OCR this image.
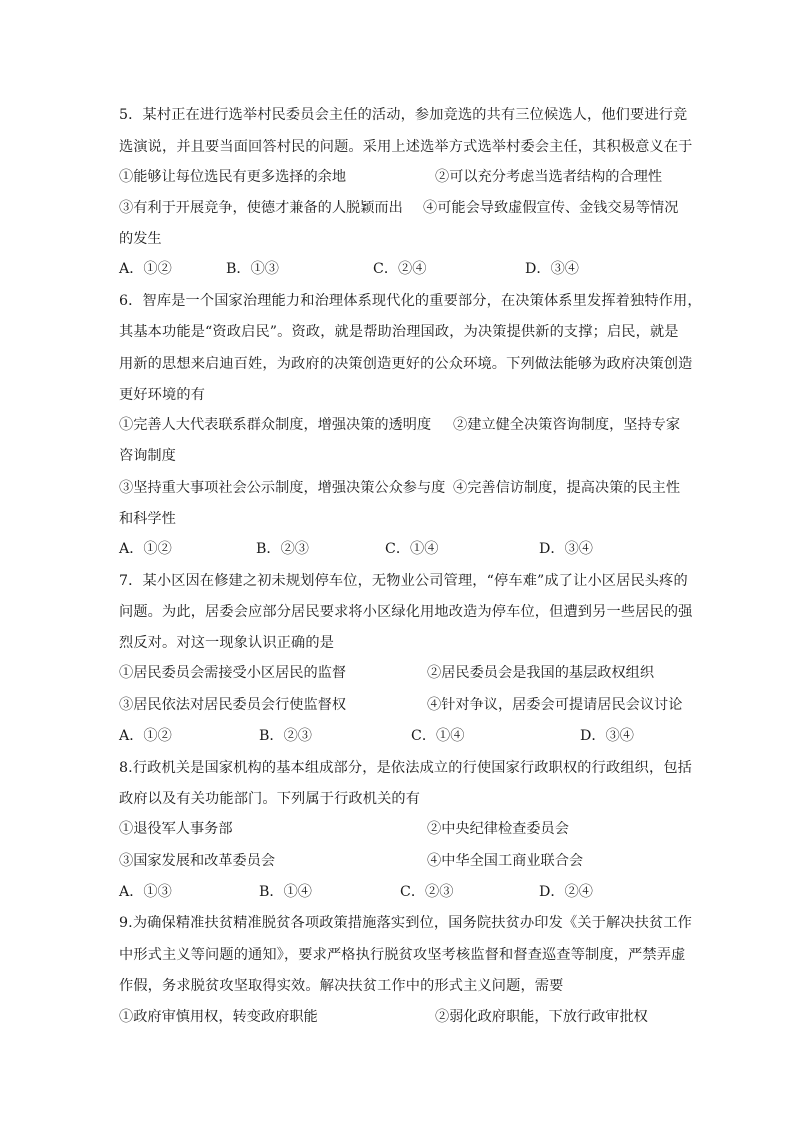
5．某村正在进行选举村民委员会主任的活动，参加竞选的共有三位候选人，他们要进行竞
选演说，并且要当面回答村民的问题。采用上述选举方式选举村委会主任，其积极意义在于
①能够让每位选民有更多选择的余地	②可以充分考虑当选者结构的合理性
③有利于开展竞争，使德才兼备的人脱颖而出 ④可能会导致虚假宣传、金钱交易等情况
的发生
A．①②	B．①③	C．②④	D．③④
6．智库是一个国家治理能力和治理体系现代化的重要部分，在决策体系里发挥着独特作用，
其基本功能是“资政启民”。资政，就是帮助治理国政，为决策提供新的支撑；启民，就是
用新的思想来启迪百姓，为政府的决策创造更好的公众环境。下列做法能够为政府决策创造
更好环境的有
①完善人大代表联系群众制度，增强决策的透明度 ②建立健全决策咨询制度，坚持专家
咨询制度
③坚持重大事项社会公示制度，增强决策公众参与度 ④完善信访制度，提高决策的民主性
和科学性
A．①②	B．②③	C．①④	D．③④
7．某小区因在修建之初未规划停车位，无物业公司管理，“停车难”成了让小区居民头疼的
问题。为此，居委会应部分居民要求将小区绿化用地改造为停车位，但遭到另一些居民的强
烈反对。对这一现象认识正确的是
①居民委员会需接受小区居民的监督	②居民委员会是我国的基层政权组织
③居民依法对居民委员会行使监督权	④针对争议，居委会可提请居民会议讨论
A．①②	B．②③	C．①④	D．③④
8.行政机关是国家机构的基本组成部分，是依法成立的行使国家行政职权的行政组织，包括
政府以及有关功能部门。下列属于行政机关的有
①退役军人事务部	②中央纪律检查委员会
③国家发展和改革委员会	④中华全国工商业联合会
A．①③	B．①④	C．②③	D．②④
9.为确保精准扶贫精准脱贫各项政策措施落实到位，国务院扶贫办印发《关于解决扶贫工作
中形式主义等问题的通知》，要求严格执行脱贫攻坚考核监督和督查巡查等制度，严禁弄虚
作假，务求脱贫攻坚取得实效。解决扶贫工作中的形式主义问题，需要
①政府审慎用权，转变政府职能	②弱化政府职能，下放行政审批权
